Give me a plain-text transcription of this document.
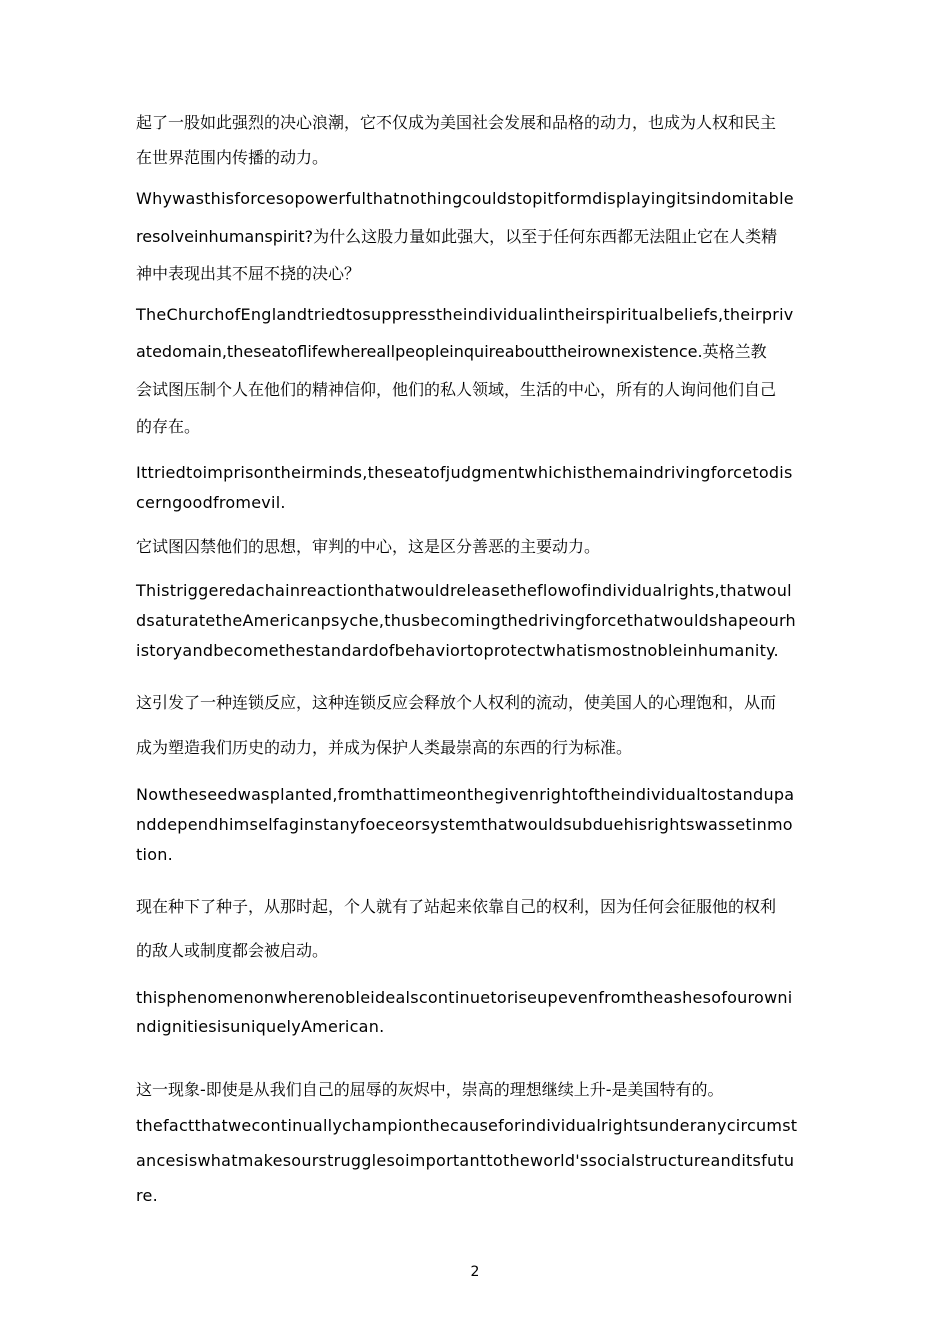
起了一股如此强烈的决心浪潮，它不仅成为美国社会发展和品格的动力，也成为人权和民主

在世界范围内传播的动力。

Whywasthisforcesopowerfulthatnothingcouldstopitformdisplayingitsindomitable

resolveinhumanspirit?为什么这股力量如此强大，以至于任何东西都无法阻止它在人类精

神中表现出其不屈不挠的决心？

TheChurchofEnglandtriedtosuppresstheindividualintheirspiritualbeliefs,theirpriv

atedomain,theseatoflifewhereallpeopleinquireabouttheirownexistence.英格兰教

会试图压制个人在他们的精神信仰，他们的私人领域，生活的中心，所有的人询问他们自己

的存在。

Ittriedtoimprisontheirminds,theseatofjudgmentwhichisthemaindrivingforcetodis

cerngoodfromevil.

它试图囚禁他们的思想，审判的中心，这是区分善恶的主要动力。

Thistriggeredachainreactionthatwouldreleasetheflowofindividualrights,thatwoul

dsaturatetheAmericanpsyche,thusbecomingthedrivingforcethatwouldshapeourh

istoryandbecomethestandardofbehaviortoprotectwhatismostnobleinhumanity.

这引发了一种连锁反应，这种连锁反应会释放个人权利的流动，使美国人的心理饱和，从而

成为塑造我们历史的动力，并成为保护人类最崇高的东西的行为标准。

Nowtheseedwasplanted,fromthattimeonthegivenrightoftheindividualtostandupa

nddependhimselfaginstanyfoeceorsystemthatwouldsubduehisrightswassetinmo

tion.

现在种下了种子，从那时起，个人就有了站起来依靠自己的权利，因为任何会征服他的权利

的敌人或制度都会被启动。

thisphenomenonwherenobleidealscontinuetoriseupevenfromtheashesofourowni

ndignitiesisuniquelyAmerican.

这一现象-即使是从我们自己的屈辱的灰烬中，崇高的理想继续上升-是美国特有的。

thefactthatwecontinuallychampionthecauseforindividualrightsunderanycircumst

ancesiswhatmakesourstrugglesoimportanttotheworld'ssocialstructureanditsfutu

re.

2
